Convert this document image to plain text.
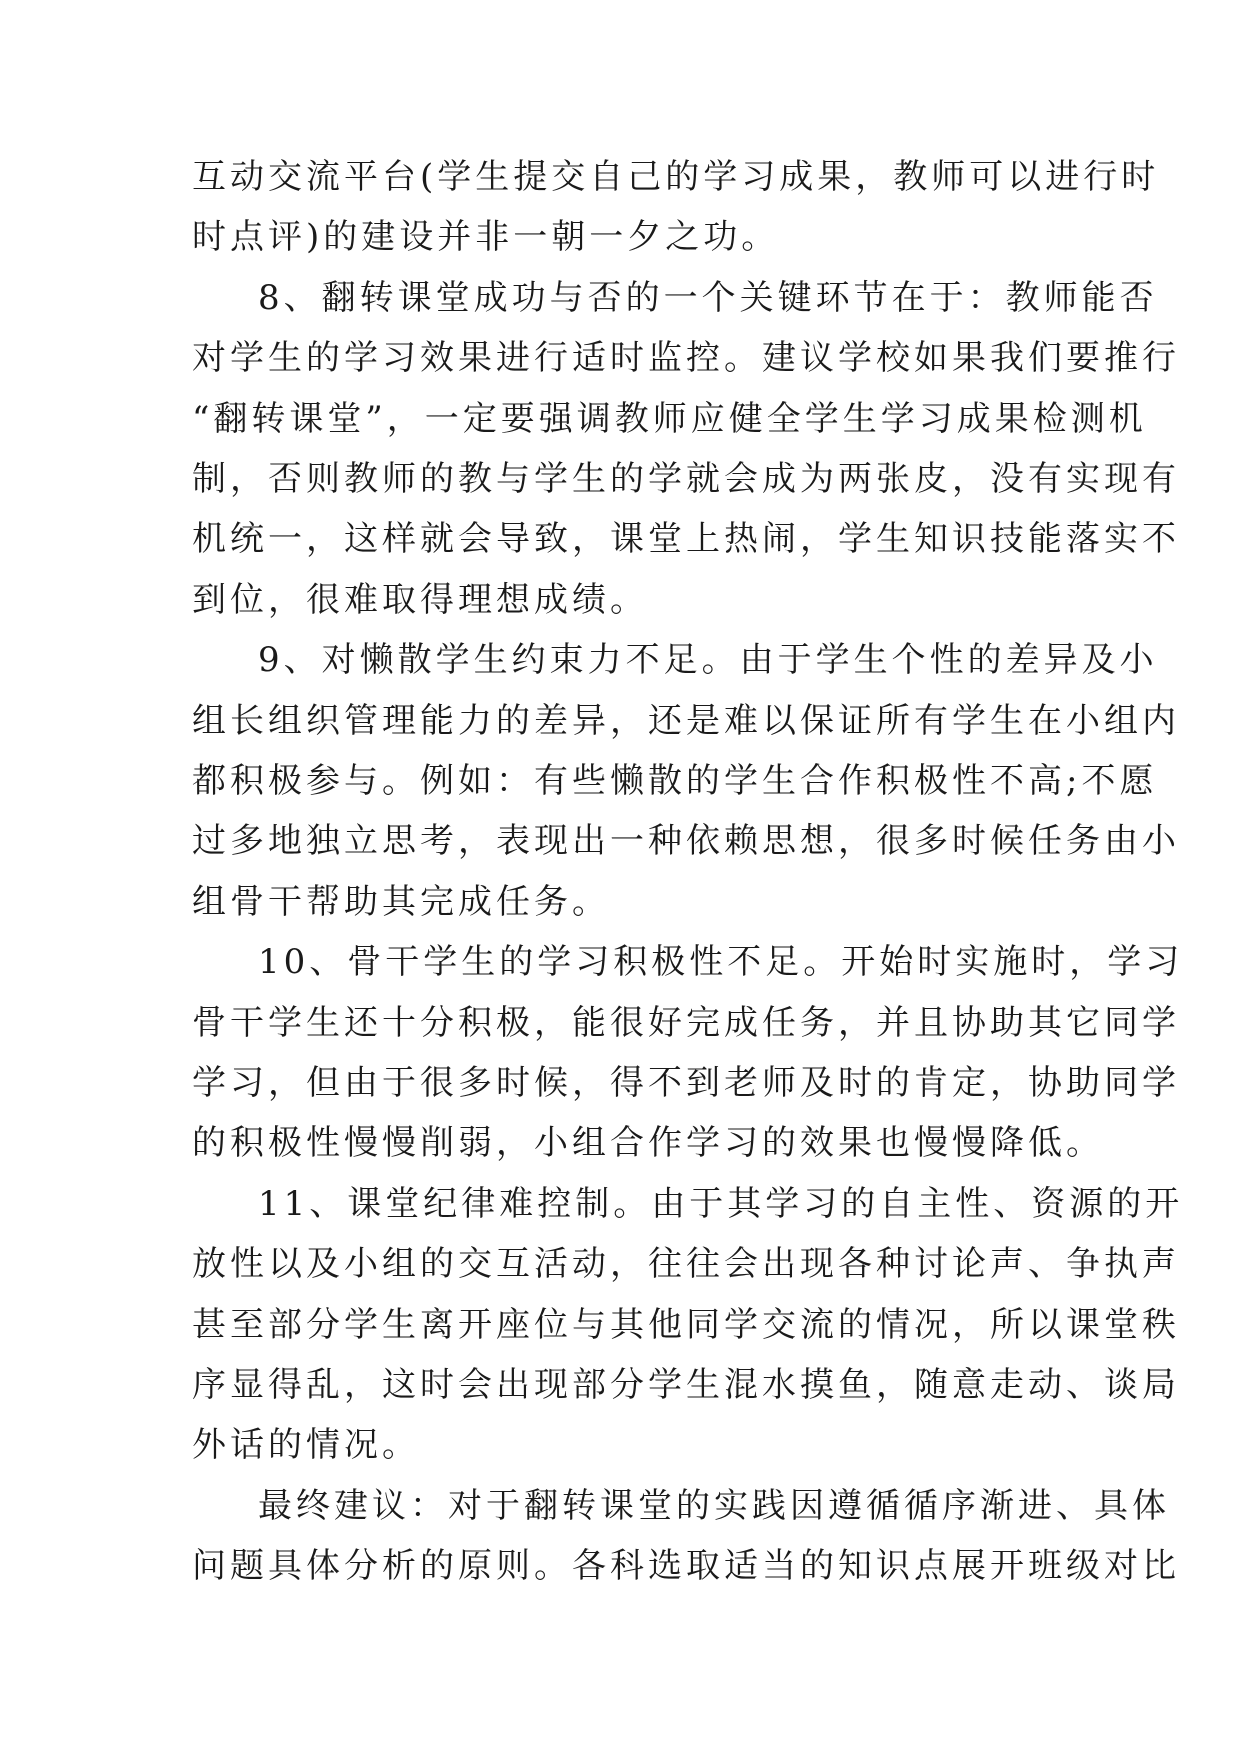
互动交流平台(学生提交自己的学习成果，教师可以进行时
时点评)的建设并非一朝一夕之功。
8、翻转课堂成功与否的一个关键环节在于：教师能否
对学生的学习效果进行适时监控。建议学校如果我们要推行
“翻转课堂”，一定要强调教师应健全学生学习成果检测机
制，否则教师的教与学生的学就会成为两张皮，没有实现有
机统一，这样就会导致，课堂上热闹，学生知识技能落实不
到位，很难取得理想成绩。
9、对懒散学生约束力不足。由于学生个性的差异及小
组长组织管理能力的差异，还是难以保证所有学生在小组内
都积极参与。例如：有些懒散的学生合作积极性不高;不愿
过多地独立思考，表现出一种依赖思想，很多时候任务由小
组骨干帮助其完成任务。
10、骨干学生的学习积极性不足。开始时实施时，学习
骨干学生还十分积极，能很好完成任务，并且协助其它同学
学习，但由于很多时候，得不到老师及时的肯定，协助同学
的积极性慢慢削弱，小组合作学习的效果也慢慢降低。
11、课堂纪律难控制。由于其学习的自主性、资源的开
放性以及小组的交互活动，往往会出现各种讨论声、争执声
甚至部分学生离开座位与其他同学交流的情况，所以课堂秩
序显得乱，这时会出现部分学生混水摸鱼，随意走动、谈局
外话的情况。
最终建议：对于翻转课堂的实践因遵循循序渐进、具体
问题具体分析的原则。各科选取适当的知识点展开班级对比
